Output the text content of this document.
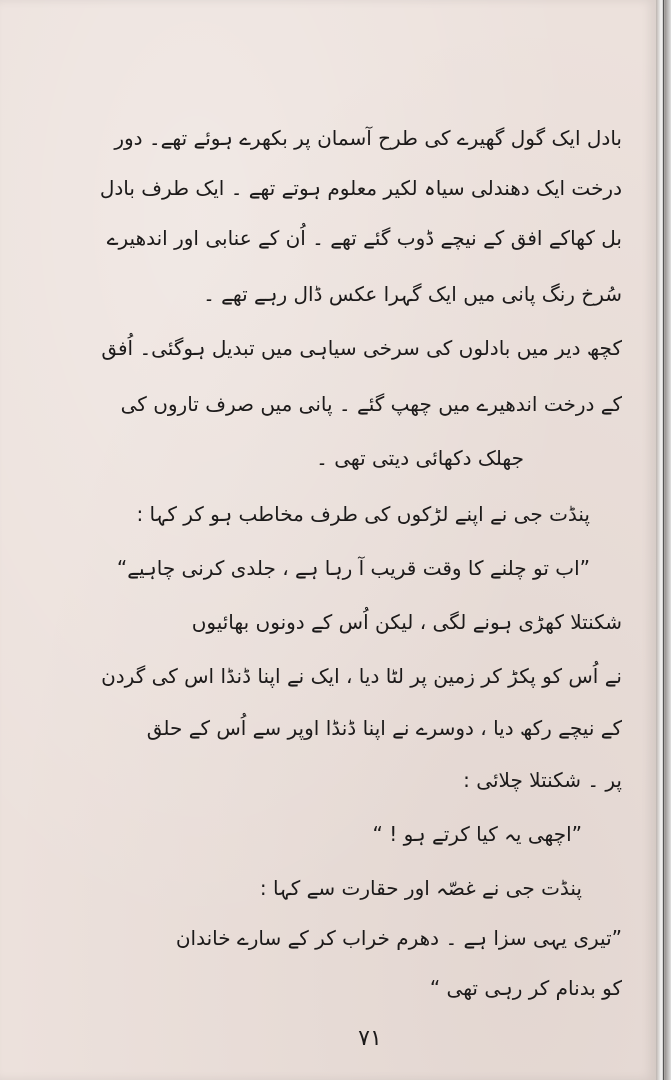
بادل ایک گول گھیرے کی طرح آسمان پر بکھرے ہوئے تھے۔ دور
درخت ایک دھندلی سیاہ لکیر معلوم ہوتے تھے ۔ ایک طرف بادل
بل کھاکے افق کے نیچے ڈوب گئے تھے ۔ اُن کے عنابی اور اندھیرے
سُرخ رنگ پانی میں ایک گہرا عکس ڈال رہے تھے ۔
کچھ دیر میں بادلوں کی سرخی سیاہی میں تبدیل ہوگئی۔ اُفق
کے درخت اندھیرے میں چھپ گئے ۔ پانی میں صرف تاروں کی
جھلک دکھائی دیتی تھی ۔
پنڈت جی نے اپنے لڑکوں کی طرف مخاطب ہو کر کہا :
”اب تو چلنے کا وقت قریب آ رہا ہے ، جلدی کرنی چاہیے“
شکنتلا کھڑی ہونے لگی ، لیکن اُس کے دونوں بھائیوں
نے اُس کو پکڑ کر زمین پر لٹا دیا ، ایک نے اپنا ڈنڈا اس کی گردن
کے نیچے رکھ دیا ، دوسرے نے اپنا ڈنڈا اوپر سے اُس کے حلق
پر ۔ شکنتلا چلائی :
”اچھی یہ کیا کرتے ہو ! “
پنڈت جی نے غصّہ اور حقارت سے کہا :
”تیری یہی سزا ہے ۔ دھرم خراب کر کے سارے خاندان
کو بدنام کر رہی تھی “
۷۱
